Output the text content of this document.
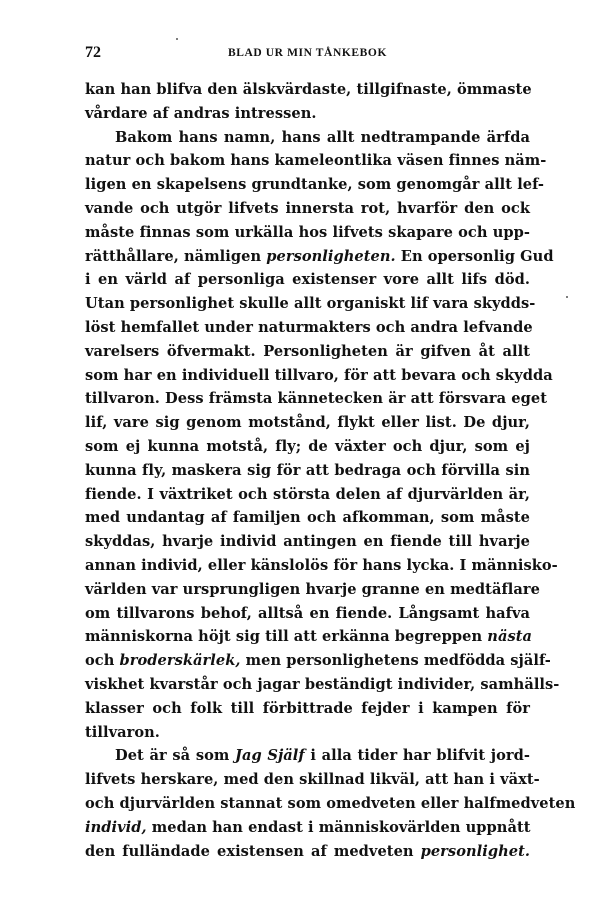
72	BLAD UR MIN TÅNKEBOK
kan han blifva den älskvärdaste, tillgifnaste, ömmaste
vårdare af andras intressen.
Bakom hans namn, hans allt nedtrampande ärfda
natur och bakom hans kameleontlika väsen finnes näm-
ligen en skapelsens grundtanke, som genomgår allt lef-
vande och utgör lifvets innersta rot, hvarför den ock
måste finnas som urkälla hos lifvets skapare och upp-
rätthållare, nämligen personligheten. En opersonlig Gud
i en värld af personliga existenser vore allt lifs död.
Utan personlighet skulle allt organiskt lif vara skydds-
löst hemfallet under naturmakters och andra lefvande
varelsers öfvermakt. Personligheten är gifven åt allt
som har en individuell tillvaro, för att bevara och skydda
tillvaron. Dess främsta kännetecken är att försvara eget
lif, vare sig genom motstånd, flykt eller list. De djur,
som ej kunna motstå, fly; de växter och djur, som ej
kunna fly, maskera sig för att bedraga och förvilla sin
fiende. I växtriket och största delen af djurvärlden är,
med undantag af familjen och afkomman, som måste
skyddas, hvarje individ antingen en fiende till hvarje
annan individ, eller känslolös för hans lycka. I människo-
världen var ursprungligen hvarje granne en medtäflare
om tillvarons behof, alltså en fiende. Långsamt hafva
människorna höjt sig till att erkänna begreppen nästa
och broderskärlek, men personlighetens medfödda själf-
viskhet kvarstår och jagar beständigt individer, samhälls-
klasser och folk till förbittrade fejder i kampen för
tillvaron.
Det är så som Jag Själf i alla tider har blifvit jord-
lifvets herskare, med den skillnad likväl, att han i växt-
och djurvärlden stannat som omedveten eller halfmedveten
individ, medan han endast i människovärlden uppnått
den fulländade existensen af medveten personlighet.
